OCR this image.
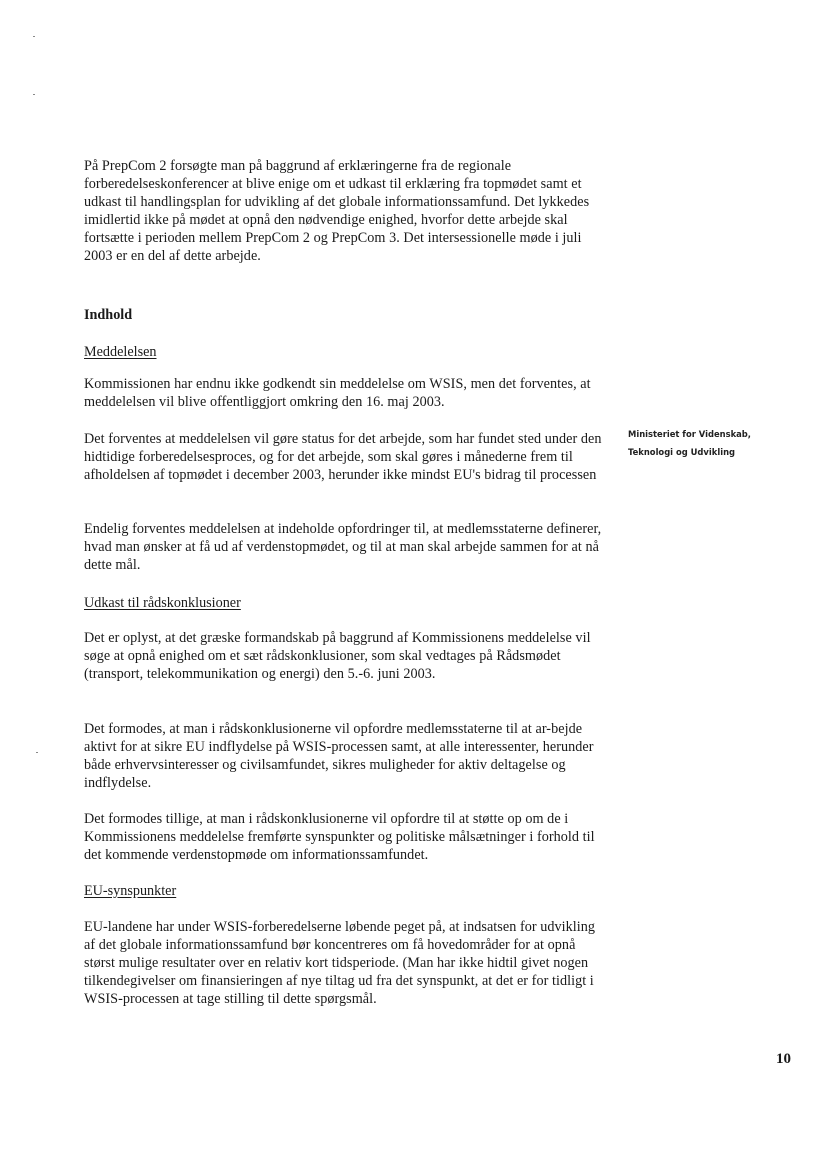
På PrepCom 2 forsøgte man på baggrund af erklæringerne fra de regionale forberedelseskonferencer at blive enige om et udkast til erklæring fra topmødet samt et udkast til handlingsplan for udvikling af det globale informationssamfund. Det lykkedes imidlertid ikke på mødet at opnå den nødvendige enighed, hvorfor dette arbejde skal fortsætte i perioden mellem PrepCom 2 og PrepCom 3. Det intersessionelle møde i juli 2003 er en del af dette arbejde.

Indhold
Meddelelsen

Kommissionen har endnu ikke godkendt sin meddelelse om WSIS, men det forventes, at meddelelsen vil blive offentliggjort omkring den 16. maj 2003.

Det forventes at meddelelsen vil gøre status for det arbejde, som har fundet sted under den hidtidige forberedelsesproces, og for det arbejde, som skal gøres i månederne frem til afholdelsen af topmødet i december 2003, herunder ikke mindst EU's bidrag til processen

Endelig forventes meddelelsen at indeholde opfordringer til, at medlemsstaterne definerer, hvad man ønsker at få ud af verdenstopmødet, og til at man skal arbejde sammen for at nå dette mål.

Udkast til rådskonklusioner

Det er oplyst, at det græske formandskab på baggrund af Kommissionens meddelelse vil søge at opnå enighed om et sæt rådskonklusioner, som skal vedtages på Rådsmødet (transport, telekommunikation og energi) den 5.-6. juni 2003.

Det formodes, at man i rådskonklusionerne vil opfordre medlemsstaterne til at ar-bejde aktivt for at sikre EU indflydelse på WSIS-processen samt, at alle interessenter, herunder både erhvervsinteresser og civilsamfundet, sikres muligheder for aktiv deltagelse og indflydelse.

Det formodes tillige, at man i rådskonklusionerne vil opfordre til at støtte op om de i Kommissionens meddelelse fremførte synspunkter og politiske målsætninger i forhold til det kommende verdenstopmøde om informationssamfundet.

EU-synspunkter

EU-landene har under WSIS-forberedelserne løbende peget på, at indsatsen for udvikling af det globale informationssamfund bør koncentreres om få hovedområder for at opnå størst mulige resultater over en relativ kort tidsperiode. (Man har ikke hidtil givet nogen tilkendegivelser om finansieringen af nye tiltag ud fra det synspunkt, at det er for tidligt i WSIS-processen at tage stilling til dette spørgsmål.

Ministeriet for Videnskab,
Teknologi og Udvikling
10
